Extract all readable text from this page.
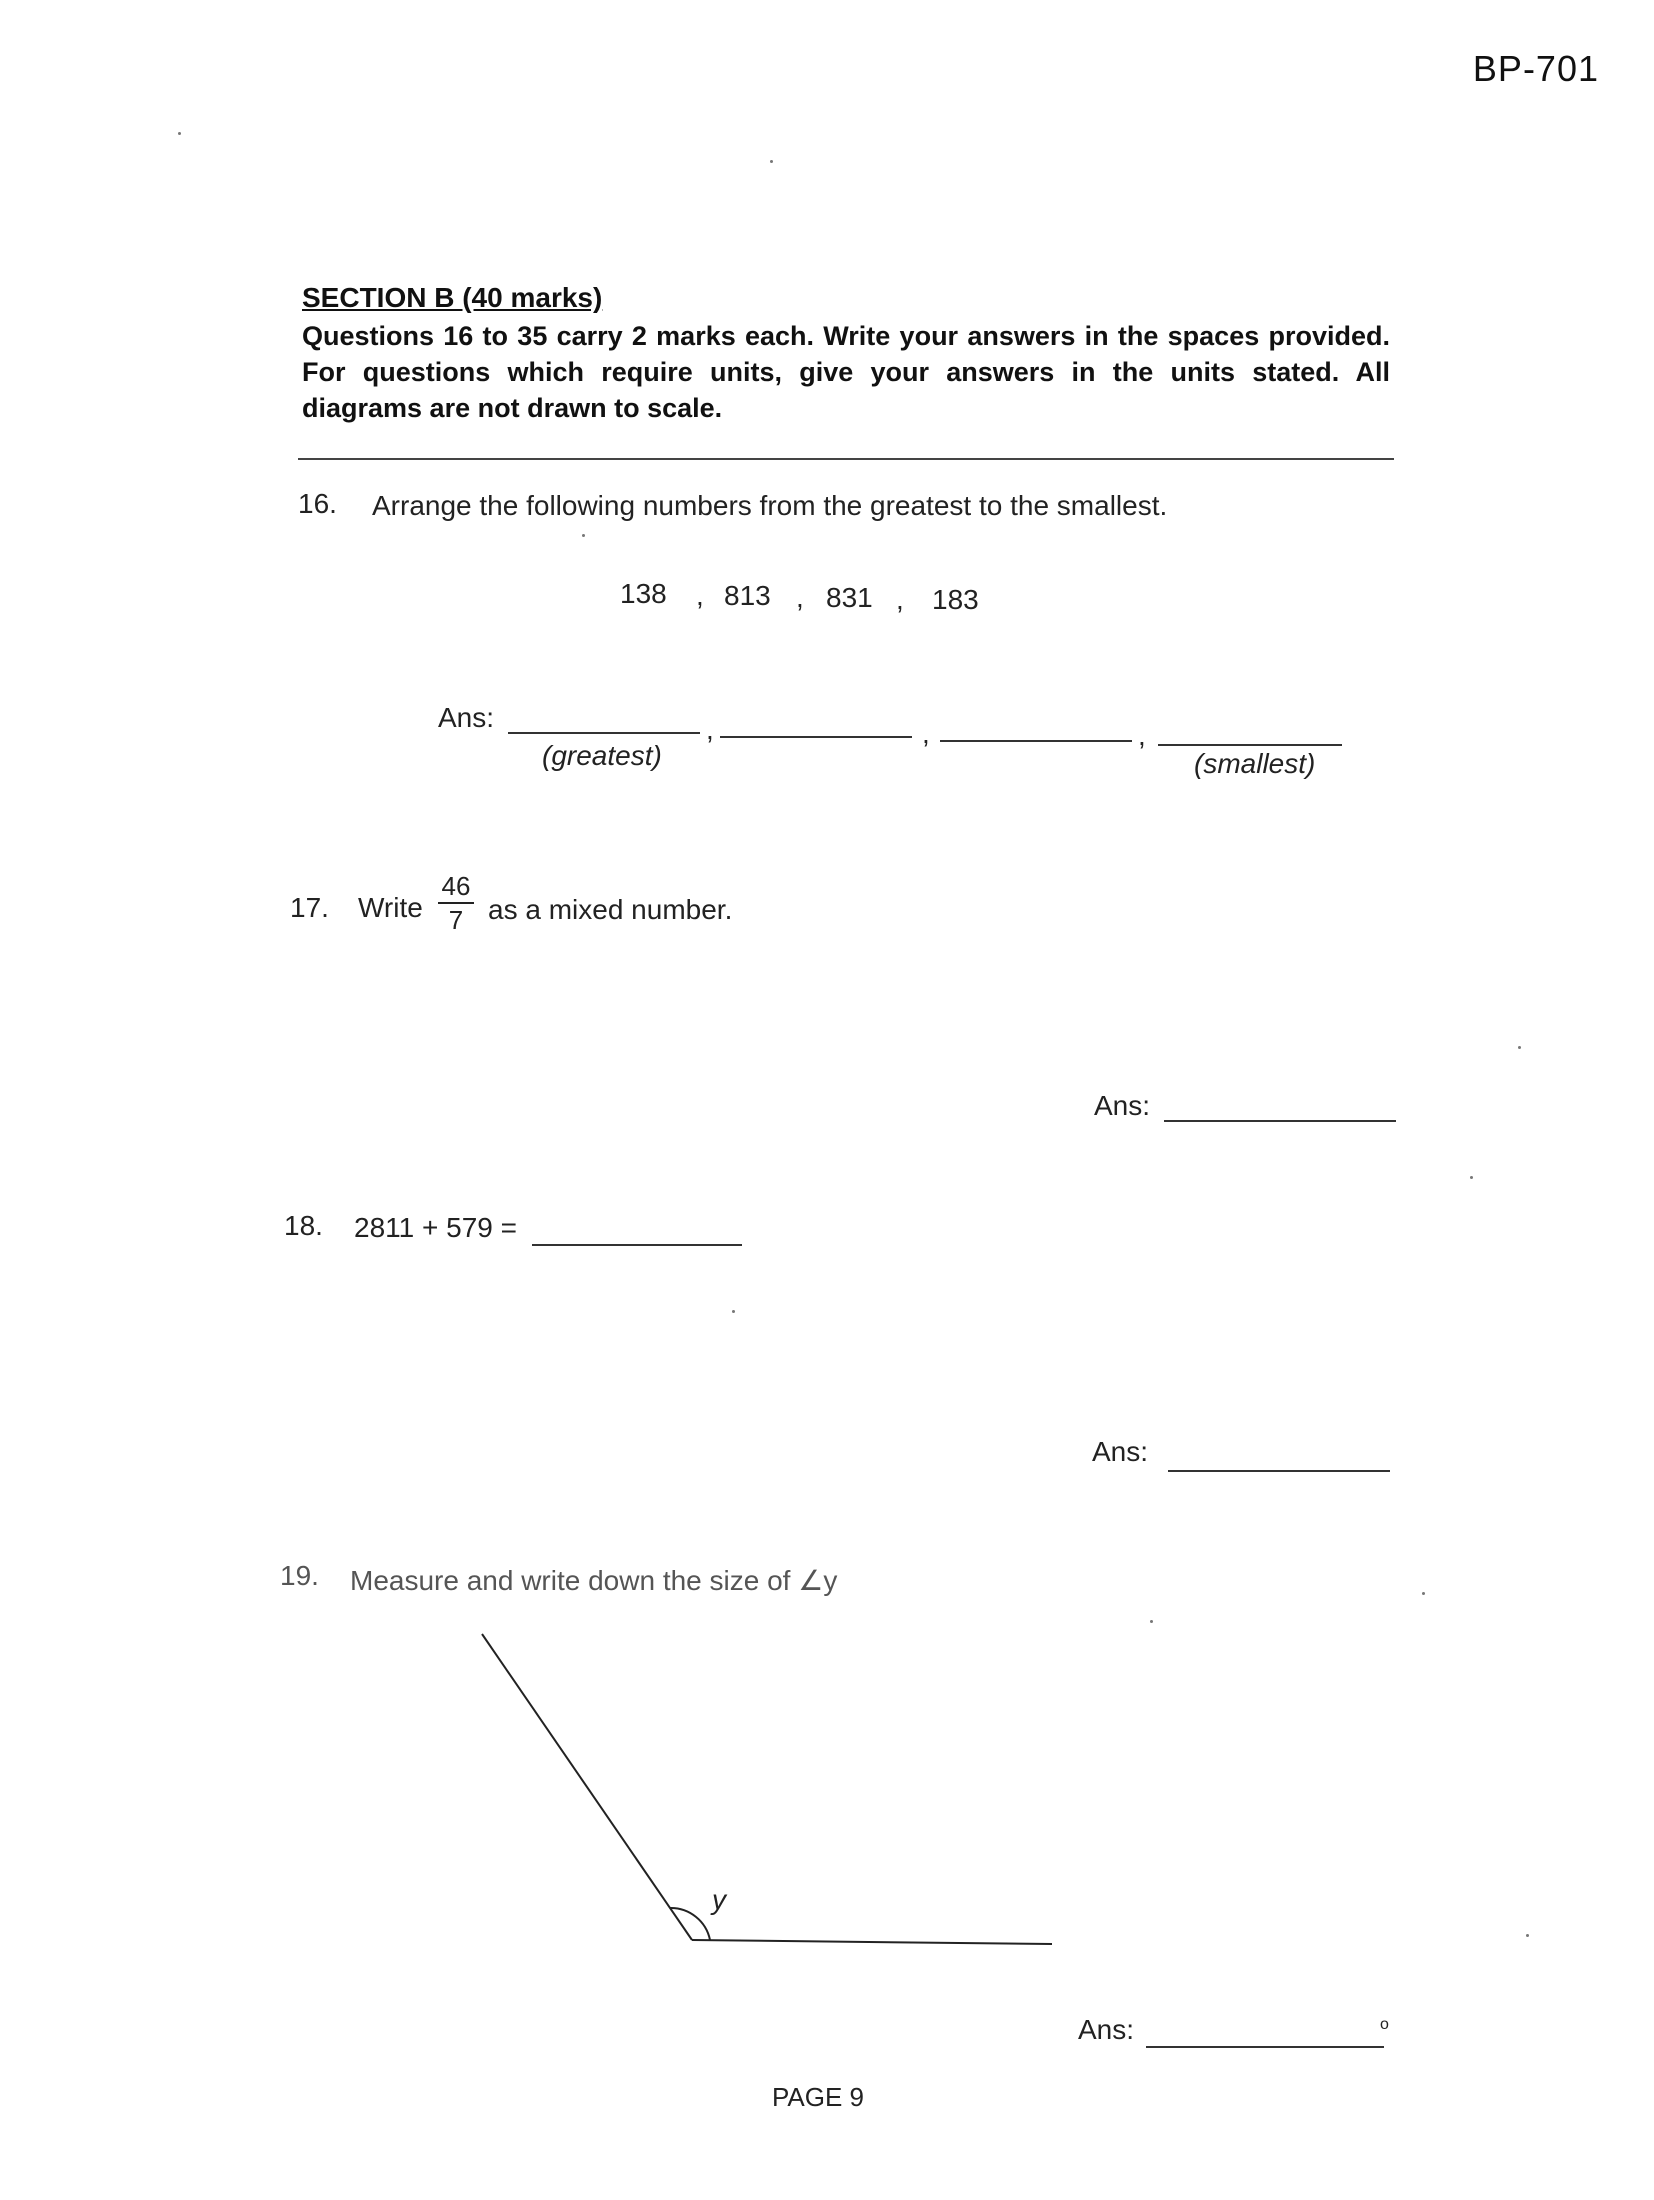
BP-701
SECTION B (40 marks)
Questions 16 to 35 carry 2 marks each. Write your answers in the spaces provided. For questions which require units, give your answers in the units stated. All diagrams are not drawn to scale.
16. Arrange the following numbers from the greatest to the smallest.
138 , 813 , 831 , 183
Ans:	,	,	,
(greatest)	(smallest)
17. Write
46
7 as a mixed number.
Ans:
18. 2811 + 579 =
Ans:
19. Measure and write down the size of ∠y
y
Ans:	o
PAGE 9
